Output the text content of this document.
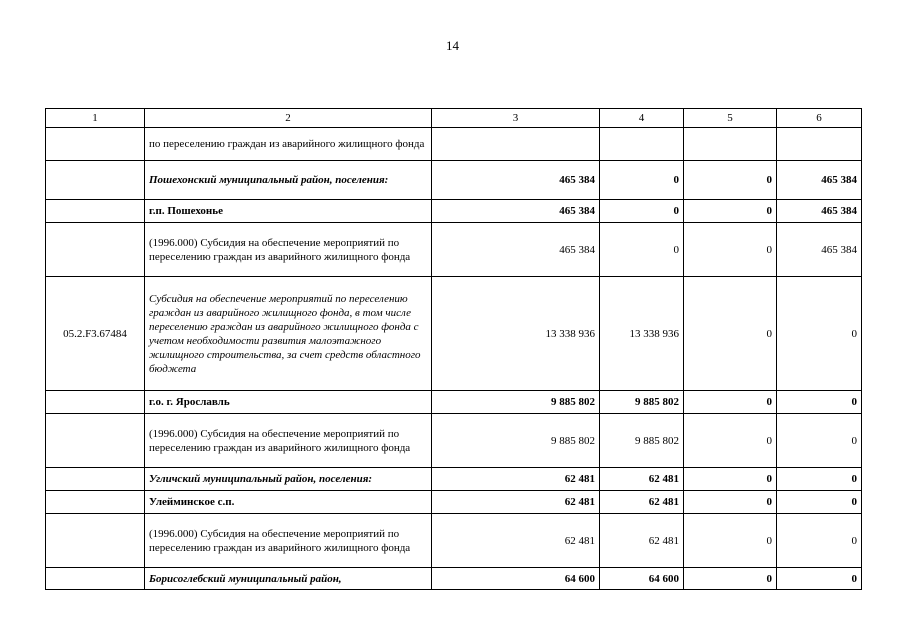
14
1	2	3	4	5	6
	по переселению граждан из аварийного жилищного фонда				
	Пошехонский муниципальный район, поселения:	465 384	0	0	465 384
	г.п. Пошехонье	465 384	0	0	465 384
	(1996.000) Субсидия на обеспечение мероприятий по переселению граждан из аварийного жилищного фонда	465 384	0	0	465 384
05.2.F3.67484	Субсидия на обеспечение мероприятий по переселению граждан из аварийного жилищного фонда, в том числе переселению граждан из аварийного жилищного фонда с учетом необходимости развития малоэтажного жилищного строительства, за счет средств областного бюджета	13 338 936	13 338 936	0	0
	г.о. г. Ярославль	9 885 802	9 885 802	0	0
	(1996.000) Субсидия на обеспечение мероприятий по переселению граждан из аварийного жилищного фонда	9 885 802	9 885 802	0	0
	Угличский муниципальный район, поселения:	62 481	62 481	0	0
	Улейминское с.п.	62 481	62 481	0	0
	(1996.000) Субсидия на обеспечение мероприятий по переселению граждан из аварийного жилищного фонда	62 481	62 481	0	0
	Борисоглебский муниципальный район,	64 600	64 600	0	0
